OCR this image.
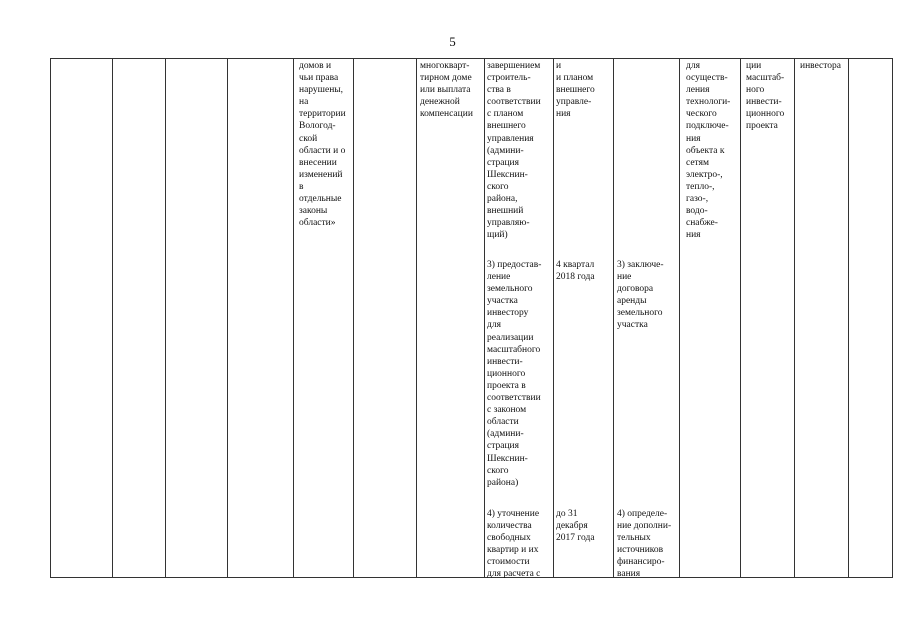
5
домов и
чьи права
нарушены,
на
территории
Вологод-
ской
области и о
внесении
изменений
в
отдельные
законы
области»
многокварт-
тирном доме
или выплата
денежной
компенсации
завершением
строитель-
ства в
соответствии
с планом
внешнего
управления
(админи-
страция
Шекснин-
ского
района,
внешний
управляю-
щий)
и
и планом
внешнего
управле-
ния
3) предостав-
ление
земельного
участка
инвестору
для
реализации
масштабного
инвести-
ционного
проекта в
соответствии
с законом
области
(админи-
страция
Шекснин-
ского
района)
4 квартал
2018 года
3) заключе-
ние
договора
аренды
земельного
участка
4) уточнение
количества
свободных
квартир и их
стоимости
для расчета с
до 31
декабря
2017 года
4) определе-
ние дополни-
тельных
источников
финансиро-
вания
для
осуществ-
ления
технологи-
ческого
подключе-
ния
объекта к
сетям
электро-,
тепло-,
газо-,
водо-
снабже-
ния
ции
масштаб-
ного
инвести-
ционного
проекта
инвестора
